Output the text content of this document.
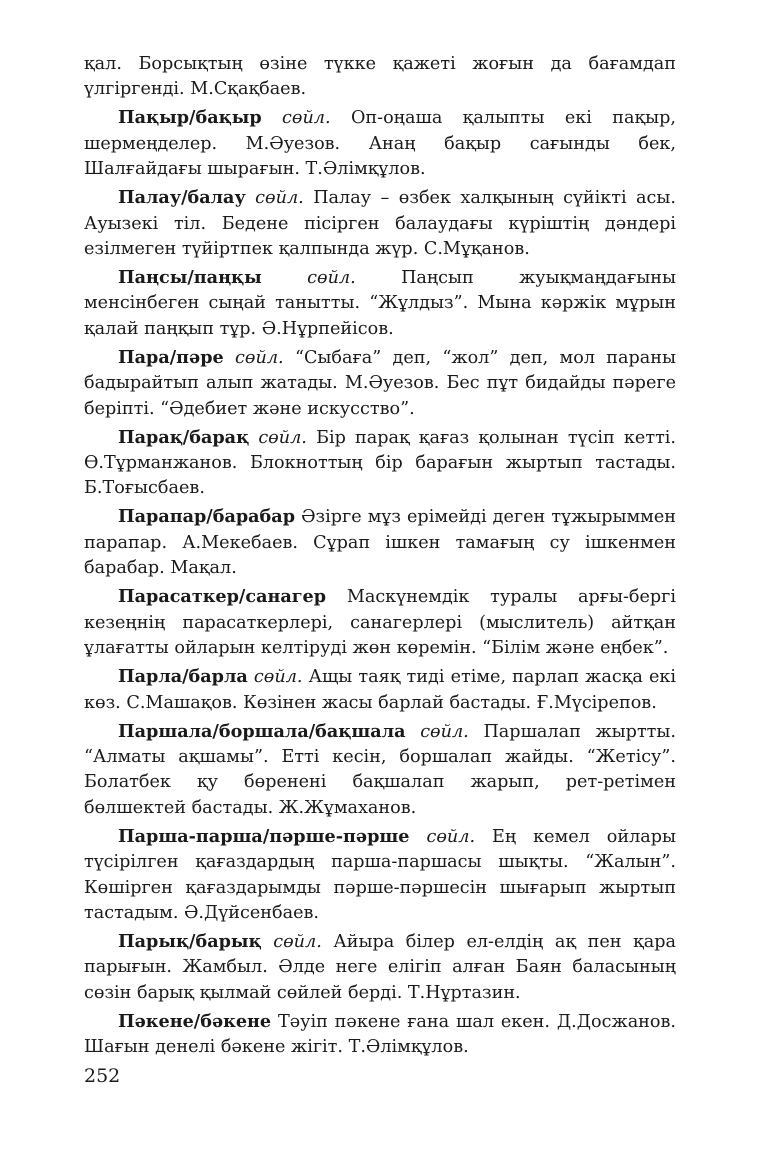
қал. Борсықтың өзіне түкке қажеті жоғын да бағамдап үлгіргенді. М.Сқақбаев.

Пақыр/бақыр сөйл. Оп-оңаша қалыпты екі пақыр, шермеңделер. М.Әуезов. Анаң бақыр сағынды бек, Шалғайдағы шырағын. Т.Әлімқұлов.

Палау/балау сөйл. Палау – өзбек халқының сүйікті асы. Ауызекі тіл. Бедене пісірген балаудағы күріштің дәндері езілмеген түйіртпек қалпында жүр. С.Мұқанов.

Паңсы/паңқы	сөйл.	Паңсып жуықмаңдағыны менсінбеген сыңай танытты. “Жұлдыз”. Мына кәржік мұрын қалай паңқып тұр. Ә.Нұрпейісов.

Пара/пәре сөйл. “Сыбаға” деп, “жол” деп, мол параны бадырайтып алып жатады. М.Әуезов. Бес пұт бидайды пәрегe берiптi. “Әдебиет және искусство”.

Парақ/барақ сөйл. Бір парақ қағаз қолынан түсіп кетті. Ө.Тұрманжанов. Блокноттың бір барағын жыртып тастады. Б.Тоғысбаев.

Парапар/барабар Әзірге мұз ерімейді деген тұжырыммен парапар. А.Мекебаев. Сұрап ішкен тамағың су ішкенмен барабар. Мақал.

Парасаткер/санагер Маскүнемдік туралы арғы-бергі кезеңнің парасаткерлері, санагерлері (мыслитель) айтқан ұлағатты ойларын келтіруді жөн көремін. “Білім және еңбек”.

Парла/барла сөйл. Ащы таяқ тиді етіме, парлап жасқа екі көз. С.Машақов. Көзінен жасы барлай бастады. Ғ.Мүсірепов.

Паршала/боршала/бақшала сөйл. Паршалап жыртты. “Алматы ақшамы”. Етті кесін, боршалап жайды. “Жетісу”. Болатбек қу бөренені бақшалап жарып, рет-ретімен бөлшектей бастады. Ж.Жұмаханов.

Парша-парша/пәрше-пәрше сөйл. Ең кемел ойлары түсірілген қағаздардың парша-паршасы шықты. “Жалын”. Көшірген қағаздарымды пәрше-пәршесін шығарып жыртып тастадым. Ә.Дүйсенбаев.

Парық/барық сөйл. Айыра білер ел-елдің ақ пен қара парығын. Жамбыл. Әлде неге елігіп алған Баян баласының сөзін барық қылмай сөйлей берді. Т.Нұртазин.

Пәкене/бәкене Тәуіп пәкене ғана шал екен. Д.Досжанов. Шағын денелі бәкене жігіт. Т.Әлімқұлов.

252
